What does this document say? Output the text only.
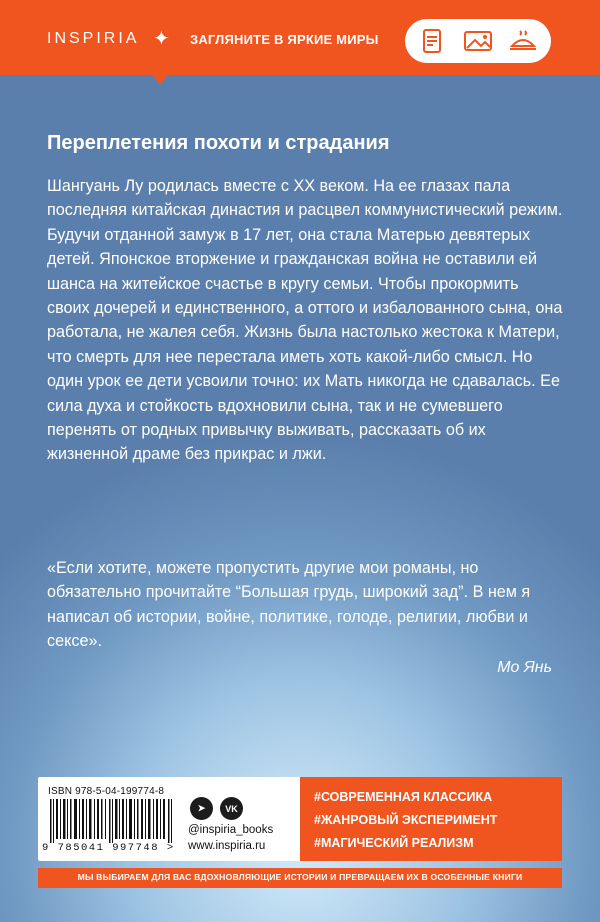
INSPIRIA ✦ ЗАГЛЯНИТЕ В ЯРКИЕ МИРЫ
Переплетения похоти и страдания

Шангуань Лу родилась вместе с XX веком. На ее глазах пала последняя китайская династия и расцвел коммунистический режим. Будучи отданной замуж в 17 лет, она стала Матерью девятерых детей. Японское вторжение и гражданская война не оставили ей шанса на житейское счастье в кругу семьи. Чтобы прокормить своих дочерей и единственного, а оттого и избалованного сына, она работала, не жалея себя. Жизнь была настолько жестока к Матери, что смерть для нее перестала иметь хоть какой-либо смысл. Но один урок ее дети усвоили точно: их Мать никогда не сдавалась. Ее сила духа и стойкость вдохновили сына, так и не сумевшего перенять от родных привычку выживать, рассказать об их жизненной драме без прикрас и лжи.

«Если хотите, можете пропустить другие мои романы, но обязательно прочитайте “Большая грудь, широкий зад”. В нем я написал об истории, войне, политике, голоде, религии, любви и сексе».

Мо Янь
ISBN 978-5-04-199774-8
9 785041 997748 >
➤	VK
@inspiria_books
www.inspiria.ru
#СОВРЕМЕННАЯ КЛАССИКА
#ЖАНРОВЫЙ ЭКСПЕРИМЕНТ
#МАГИЧЕСКИЙ РЕАЛИЗМ
МЫ ВЫБИРАЕМ ДЛЯ ВАС ВДОХНОВЛЯЮЩИЕ ИСТОРИИ И ПРЕВРАЩАЕМ ИХ В ОСОБЕННЫЕ КНИГИ
